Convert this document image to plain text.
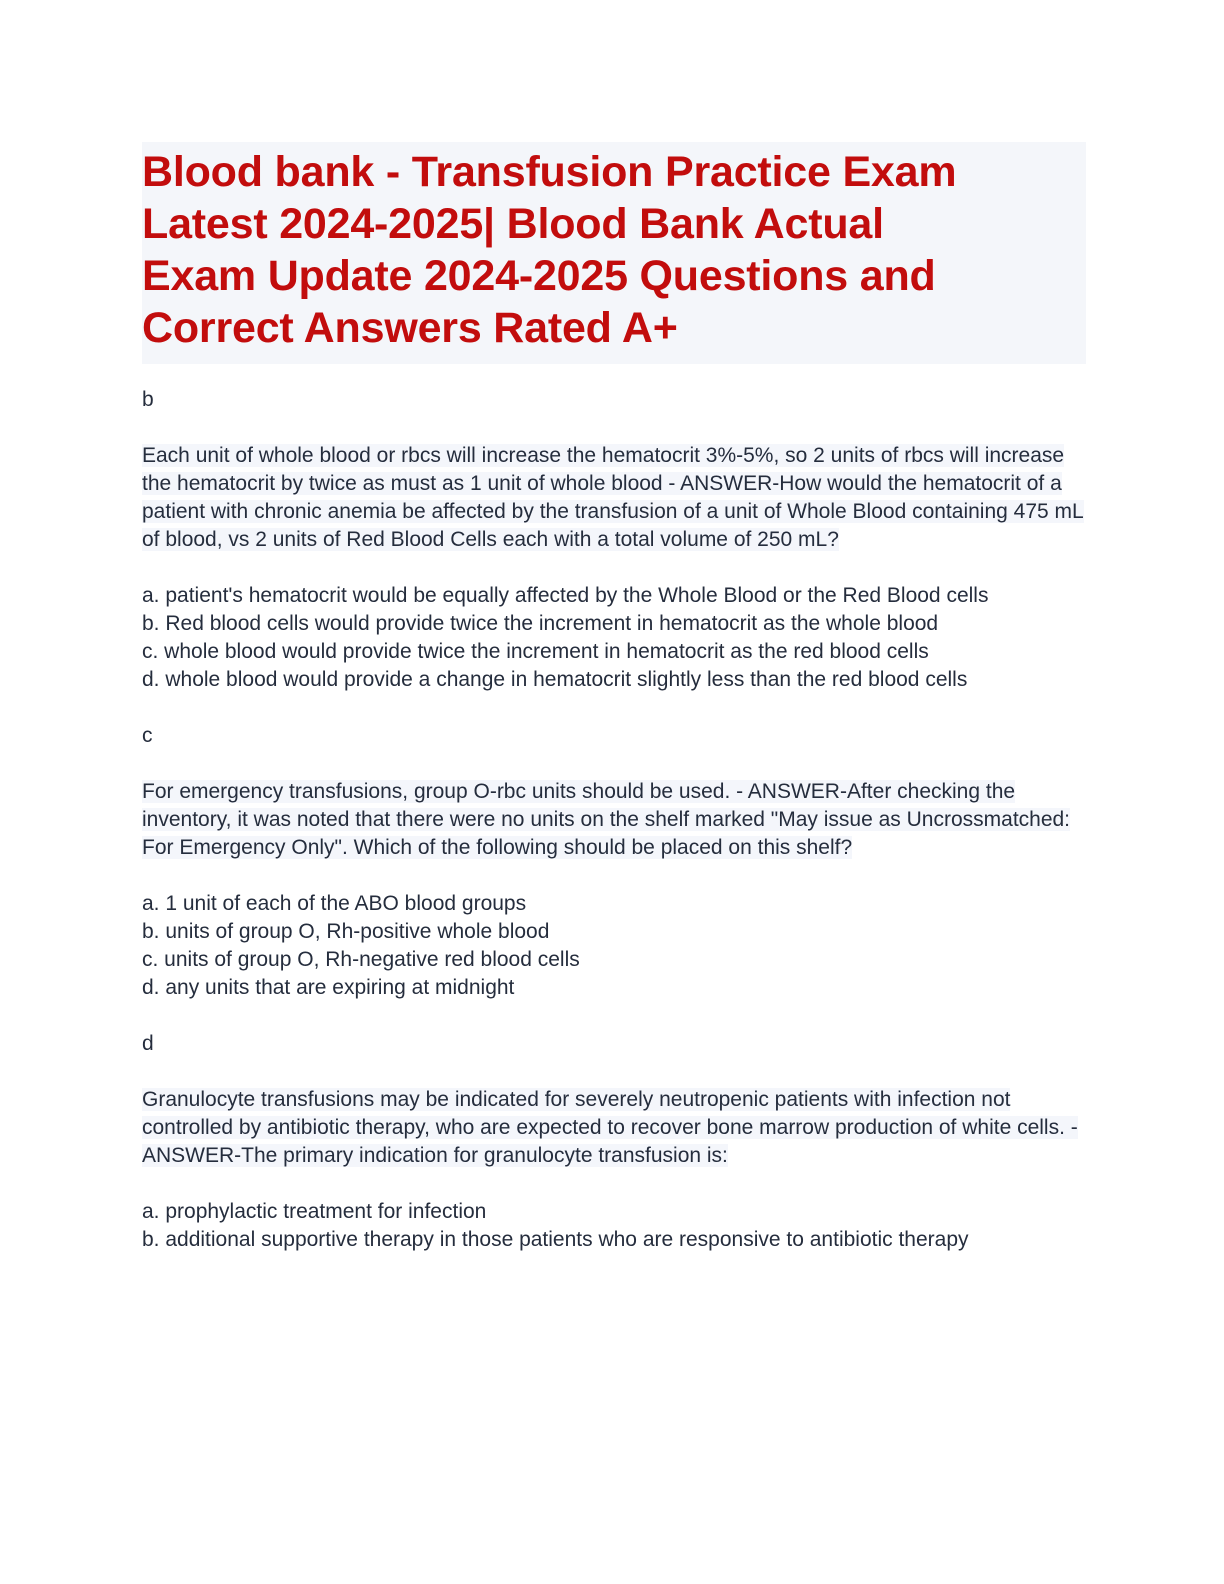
Blood bank - Transfusion Practice Exam
Latest 2024-2025| Blood Bank Actual
Exam Update 2024-2025 Questions and
Correct Answers Rated A+
b

Each unit of whole blood or rbcs will increase the hematocrit 3%-5%, so 2 units of rbcs will increase the hematocrit by twice as must as 1 unit of whole blood - ANSWER-How would the hematocrit of a patient with chronic anemia be affected by the transfusion of a unit of Whole Blood containing 475 mL of blood, vs 2 units of Red Blood Cells each with a total volume of 250 mL?

a. patient's hematocrit would be equally affected by the Whole Blood or the Red Blood cells

b. Red blood cells would provide twice the increment in hematocrit as the whole blood

c. whole blood would provide twice the increment in hematocrit as the red blood cells

d. whole blood would provide a change in hematocrit slightly less than the red blood cells

c

For emergency transfusions, group O-rbc units should be used. - ANSWER-After checking the inventory, it was noted that there were no units on the shelf marked "May issue as Uncrossmatched: For Emergency Only". Which of the following should be placed on this shelf?

a. 1 unit of each of the ABO blood groups

b. units of group O, Rh-positive whole blood

c. units of group O, Rh-negative red blood cells

d. any units that are expiring at midnight

d

Granulocyte transfusions may be indicated for severely neutropenic patients with infection not controlled by antibiotic therapy, who are expected to recover bone marrow production of white cells. - ANSWER-The primary indication for granulocyte transfusion is:

a. prophylactic treatment for infection

b. additional supportive therapy in those patients who are responsive to antibiotic therapy
